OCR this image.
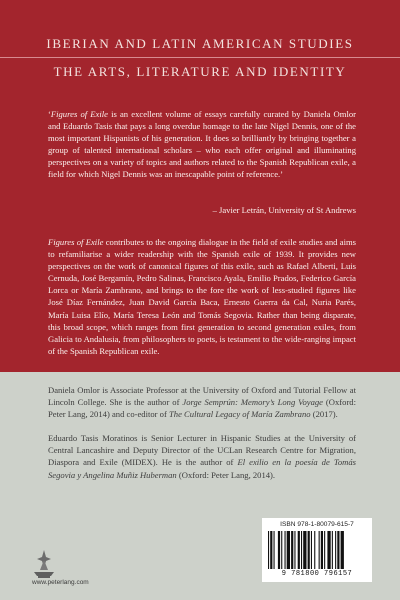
IBERIAN AND LATIN AMERICAN STUDIES
THE ARTS, LITERATURE AND IDENTITY
‘Figures of Exile is an excellent volume of essays carefully curated by Daniela Omlor and Eduardo Tasis that pays a long overdue homage to the late Nigel Dennis, one of the most important Hispanists of his generation. It does so brilliantly by bringing together a group of talented international scholars – who each offer original and illuminating perspectives on a variety of topics and authors related to the Spanish Republican exile, a field for which Nigel Dennis was an inescapable point of reference.’
– Javier Letrán, University of St Andrews
Figures of Exile contributes to the ongoing dialogue in the field of exile studies and aims to refamiliarise a wider readership with the Spanish exile of 1939. It provides new perspectives on the work of canonical figures of this exile, such as Rafael Alberti, Luis Cernuda, José Bergamín, Pedro Salinas, Francisco Ayala, Emilio Prados, Federico García Lorca or María Zambrano, and brings to the fore the work of less-studied figures like José Díaz Fernández, Juan David García Baca, Ernesto Guerra da Cal, Nuria Parés, María Luisa Elío, María Teresa León and Tomás Segovia. Rather than being disparate, this broad scope, which ranges from first generation to second generation exiles, from Galicia to Andalusia, from philosophers to poets, is testament to the wide-ranging impact of the Spanish Republican exile.
Daniela Omlor is Associate Professor at the University of Oxford and Tutorial Fellow at Lincoln College. She is the author of Jorge Semprún: Memory’s Long Voyage (Oxford: Peter Lang, 2014) and co-editor of The Cultural Legacy of María Zambrano (2017).
Eduardo Tasis Moratinos is Senior Lecturer in Hispanic Studies at the University of Central Lancashire and Deputy Director of the UCLan Research Centre for Migration, Diaspora and Exile (MIDEX). He is the author of El exilio en la poesía de Tomás Segovia y Angelina Muñiz Huberman (Oxford: Peter Lang, 2014).
www.peterlang.com
ISBN 978-1-80079-615-7
9 781800 796157
